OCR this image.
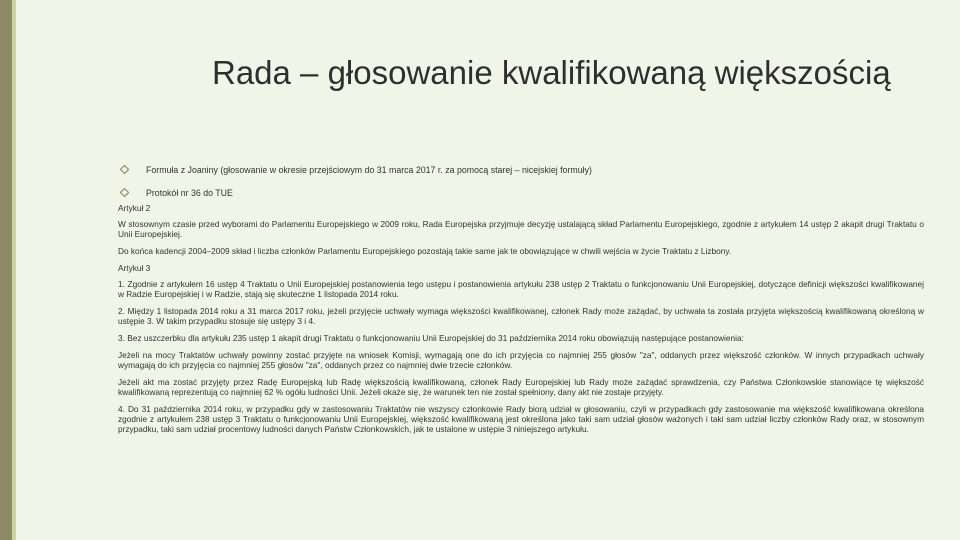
Rada – głosowanie kwalifikowaną większością
Formuła z Joaniny (głosowanie w okresie przejściowym do 31 marca 2017 r. za pomocą starej – nicejskiej formuły)
Protokół nr 36 do TUE

Artykuł 2

W stosownym czasie przed wyborami do Parlamentu Europejskiego w 2009 roku, Rada Europejska przyjmuje decyzję ustalającą skład Parlamentu Europejskiego, zgodnie z artykułem 14 ustęp 2 akapit drugi Traktatu o Unii Europejskiej.

Do końca kadencji 2004–2009 skład i liczba członków Parlamentu Europejskiego pozostają takie same jak te obowiązujące w chwili wejścia w życie Traktatu z Lizbony.

Artykuł 3

1. Zgodnie z artykułem 16 ustęp 4 Traktatu o Unii Europejskiej postanowienia tego ustępu i postanowienia artykułu 238 ustęp 2 Traktatu o funkcjonowaniu Unii Europejskiej, dotyczące definicji większości kwalifikowanej w Radzie Europejskiej i w Radzie, stają się skuteczne 1 listopada 2014 roku.

2. Między 1 listopada 2014 roku a 31 marca 2017 roku, jeżeli przyjęcie uchwały wymaga większości kwalifikowanej, członek Rady może zażądać, by uchwała ta została przyjęta większością kwalifikowaną określoną w ustępie 3. W takim przypadku stosuje się ustępy 3 i 4.

3. Bez uszczerbku dla artykułu 235 ustęp 1 akapit drugi Traktatu o funkcjonowaniu Unii Europejskiej do 31 października 2014 roku obowiązują następujące postanowienia:

Jeżeli na mocy Traktatów uchwały powinny zostać przyjęte na wniosek Komisji, wymagają one do ich przyjęcia co najmniej 255 głosów "za", oddanych przez większość członków. W innych przypadkach uchwały wymagają do ich przyjęcia co najmniej 255 głosów "za", oddanych przez co najmniej dwie trzecie członków.

Jeżeli akt ma zostać przyjęty przez Radę Europejską lub Radę większością kwalifikowaną, członek Rady Europejskiej lub Rady może zażądać sprawdzenia, czy Państwa Członkowskie stanowiące tę większość kwalifikowaną reprezentują co najmniej 62 % ogółu ludności Unii. Jeżeli okaże się, że warunek ten nie został spełniony, dany akt nie zostaje przyjęty.

4. Do 31 października 2014 roku, w przypadku gdy w zastosowaniu Traktatów nie wszyscy członkowie Rady biorą udział w głosowaniu, czyli w przypadkach gdy zastosowanie ma większość kwalifikowana określona zgodnie z artykułem 238 ustęp 3 Traktatu o funkcjonowaniu Unii Europejskiej, większość kwalifikowaną jest określona jako taki sam udział głosów ważonych i taki sam udział liczby członków Rady oraz, w stosownym przypadku, taki sam udział procentowy ludności danych Państw Członkowskich, jak te ustalone w ustępie 3 niniejszego artykułu.
